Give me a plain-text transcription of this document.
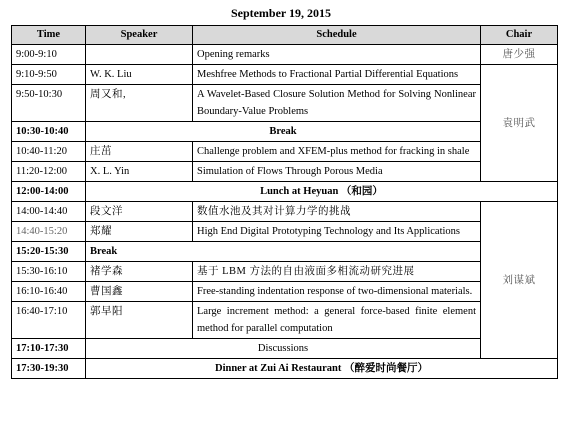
September 19, 2015
Time	Speaker	Schedule	Chair
9:00-9:10		Opening remarks	唐少强
9:10-9:50	W. K. Liu	Meshfree Methods to Fractional Partial Differential Equations	袁明武
9:50-10:30	周又和,	A Wavelet-Based Closure Solution Method for Solving Nonlinear Boundary-Value Problems	
10:30-10:40	Break		
10:40-11:20	庄茁	Challenge problem and XFEM-plus method for fracking in shale	
11:20-12:00	X. L. Yin	Simulation of Flows Through Porous Media	
12:00-14:00	Lunch at Heyuan （和园）		
14:00-14:40	段文洋	数值水池及其对计算力学的挑战	刘谋斌
14:40-15:20	郑耀	High End Digital Prototyping Technology and Its Applications	
15:20-15:30	Break		
15:30-16:10	褚学森	基于 LBM 方法的自由液面多相流动研究进展	
16:10-16:40	曹国鑫	Free-standing indentation response of two-dimensional materials.	
16:40-17:10	郭早阳	Large increment method: a general force-based finite element method for parallel computation	
17:10-17:30	Discussions		
17:30-19:30	Dinner at Zui Ai Restaurant （醉爱时尚餐厅）		
